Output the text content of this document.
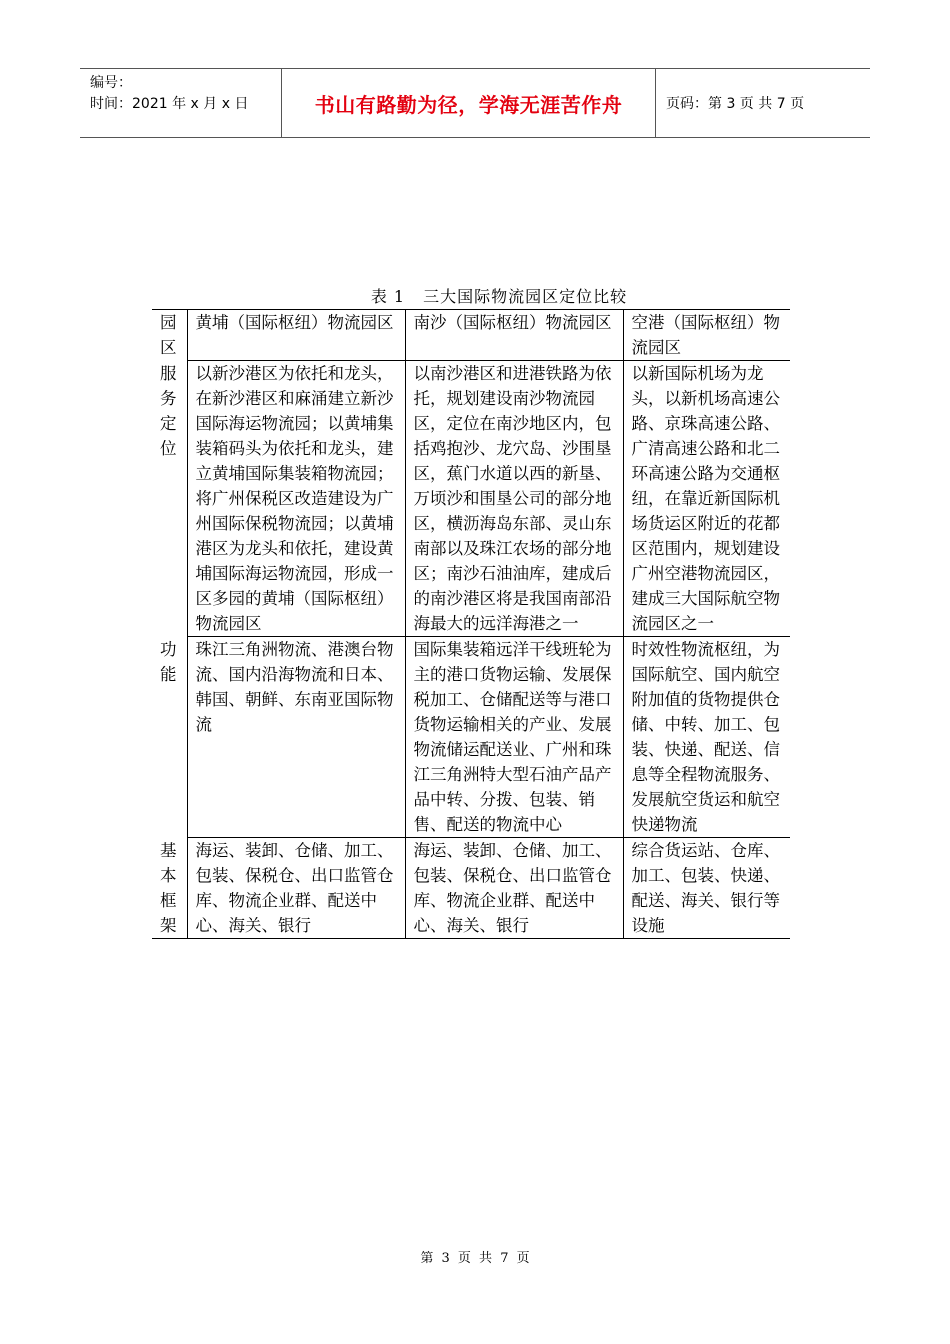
编号：
时间：2021 年 x 月 x 日	书山有路勤为径，学海无涯苦作舟	页码：第 3 页 共 7 页
表 1 三大国际物流园区定位比较
园区	黄埔（国际枢纽）物流园区	南沙（国际枢纽）物流园区	空港（国际枢纽）物流园区
服务定位	以新沙港区为依托和龙头，在新沙港区和麻涌建立新沙国际海运物流园；以黄埔集装箱码头为依托和龙头，建立黄埔国际集装箱物流园；将广州保税区改造建设为广州国际保税物流园；以黄埔港区为龙头和依托，建设黄埔国际海运物流园，形成一区多园的黄埔（国际枢纽）物流园区	以南沙港区和进港铁路为依托，规划建设南沙物流园区，定位在南沙地区内，包括鸡抱沙、龙穴岛、沙围垦区，蕉门水道以西的新垦、万顷沙和围垦公司的部分地区，横沥海岛东部、灵山东南部以及珠江农场的部分地区；南沙石油油库，建成后的南沙港区将是我国南部沿海最大的远洋海港之一	以新国际机场为龙头，以新机场高速公路、京珠高速公路、广清高速公路和北二环高速公路为交通枢纽，在靠近新国际机场货运区附近的花都区范围内，规划建设广州空港物流园区，建成三大国际航空物流园区之一
功能	珠江三角洲物流、港澳台物流、国内沿海物流和日本、韩国、朝鲜、东南亚国际物流	国际集装箱远洋干线班轮为主的港口货物运输、发展保税加工、仓储配送等与港口货物运输相关的产业、发展物流储运配送业、广州和珠江三角洲特大型石油产品产品中转、分拨、包装、销售、配送的物流中心	时效性物流枢纽，为国际航空、国内航空附加值的货物提供仓储、中转、加工、包装、快递、配送、信息等全程物流服务、发展航空货运和航空快递物流
基本框架	海运、装卸、仓储、加工、包装、保税仓、出口监管仓库、物流企业群、配送中心、海关、银行	海运、装卸、仓储、加工、包装、保税仓、出口监管仓库、物流企业群、配送中心、海关、银行	综合货运站、仓库、加工、包装、快递、配送、海关、银行等设施
第 3 页 共 7 页
